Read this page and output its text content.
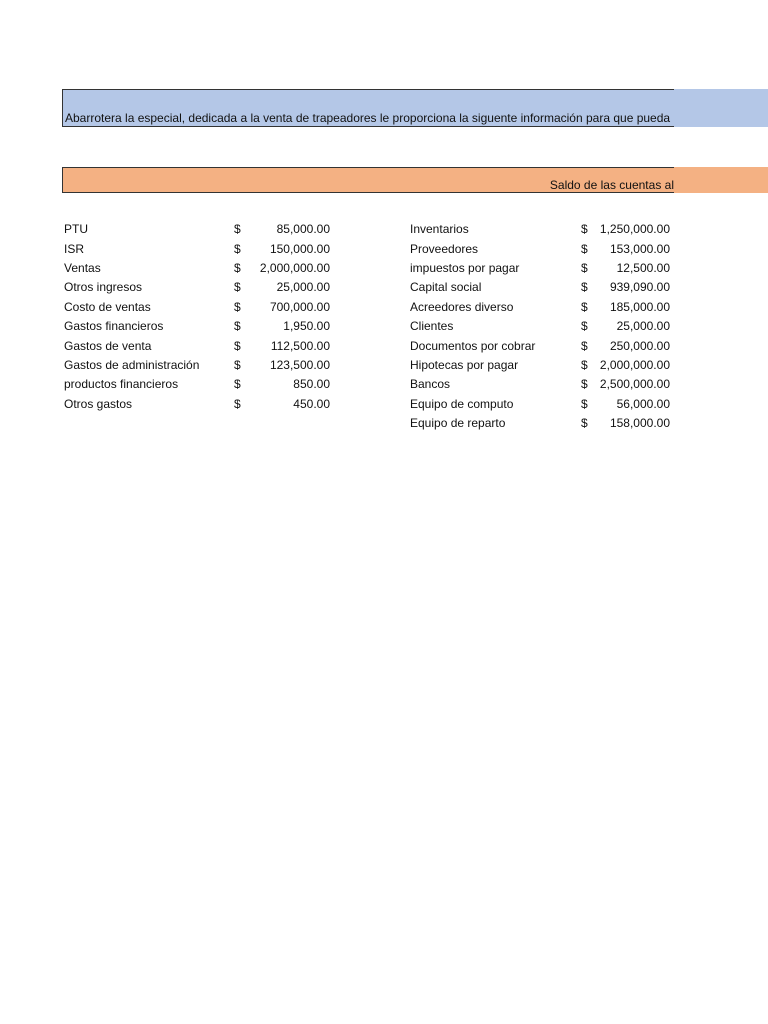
Abarrotera la especial, dedicada a la venta de trapeadores le proporciona la siguente información para que pueda
Saldo de las cuentas al
PTU	$	85,000.00
ISR	$ 150,000.00
Ventas	$ 2,000,000.00
Otros ingresos	$	25,000.00
Costo de ventas	$ 700,000.00
Gastos financieros	$	1,950.00
Gastos de venta	$	112,500.00
Gastos de administración	$ 123,500.00
productos financieros	$	850.00
Otros gastos	$	450.00
Inventarios	$ 1,250,000.00
Proveedores	$ 153,000.00
impuestos por pagar	$ 12,500.00
Capital social	$ 939,090.00
Acreedores diverso	$ 185,000.00
Clientes	$ 25,000.00
Documentos por cobrar	$ 250,000.00
Hipotecas por pagar	$ 2,000,000.00
Bancos	$ 2,500,000.00
Equipo de computo	$ 56,000.00
Equipo de reparto	$ 158,000.00
